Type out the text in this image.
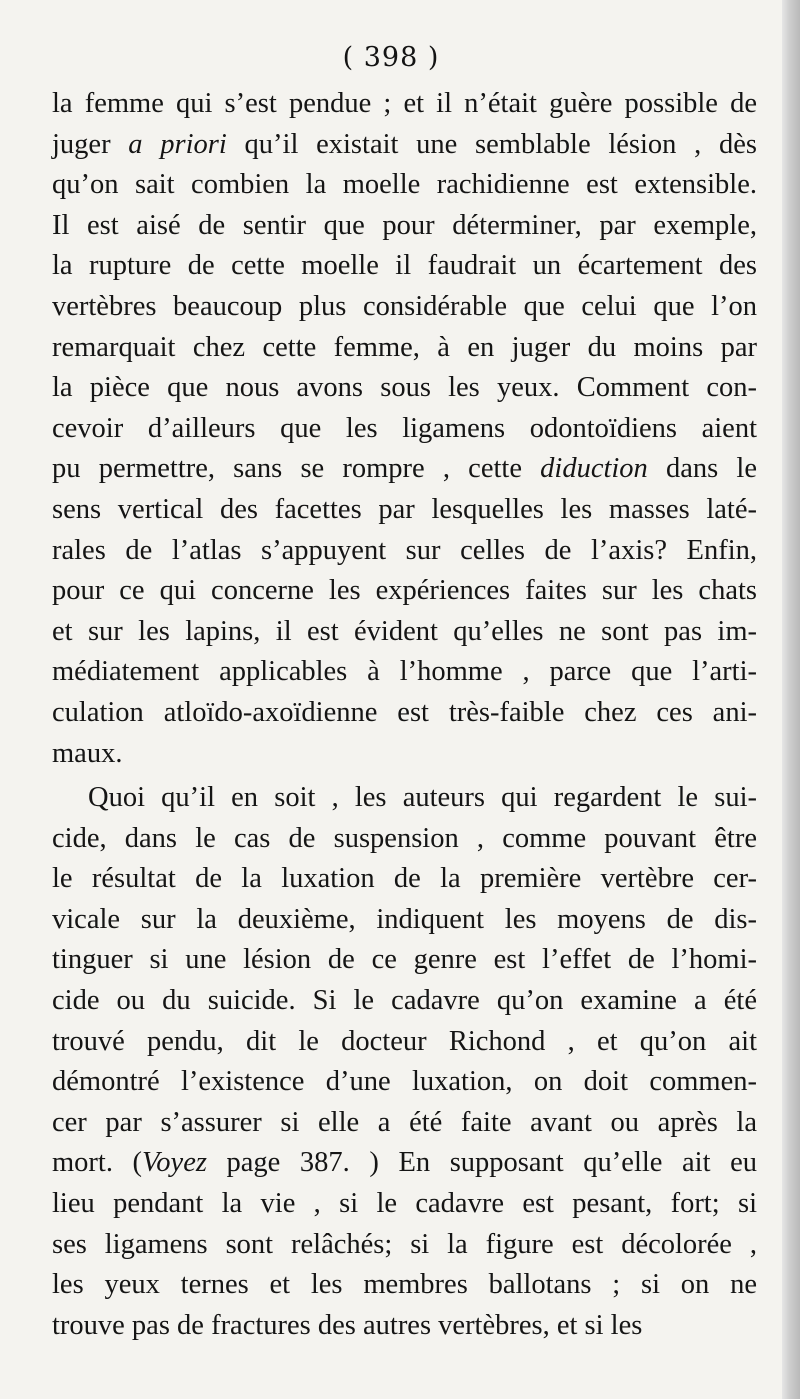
( 398 )
la femme qui s’est pendue ; et il n’était guère possible de
juger a priori qu’il existait une semblable lésion , dès
qu’on sait combien la moelle rachidienne est extensible.
Il est aisé de sentir que pour déterminer, par exemple,
la rupture de cette moelle il faudrait un écartement des
vertèbres beaucoup plus considérable que celui que l’on
remarquait chez cette femme, à en juger du moins par
la pièce que nous avons sous les yeux. Comment con-
cevoir d’ailleurs que les ligamens odontoïdiens aient
pu permettre, sans se rompre , cette diduction dans le
sens vertical des facettes par lesquelles les masses laté-
rales de l’atlas s’appuyent sur celles de l’axis? Enfin,
pour ce qui concerne les expériences faites sur les chats
et sur les lapins, il est évident qu’elles ne sont pas im-
médiatement applicables à l’homme , parce que l’arti-
culation atloïdo-axoïdienne est très-faible chez ces ani-
maux.
Quoi qu’il en soit , les auteurs qui regardent le sui-
cide, dans le cas de suspension , comme pouvant être
le résultat de la luxation de la première vertèbre cer-
vicale sur la deuxième, indiquent les moyens de dis-
tinguer si une lésion de ce genre est l’effet de l’homi-
cide ou du suicide. Si le cadavre qu’on examine a été
trouvé pendu, dit le docteur Richond , et qu’on ait
démontré l’existence d’une luxation, on doit commen-
cer par s’assurer si elle a été faite avant ou après la
mort. (Voyez page 387. ) En supposant qu’elle ait eu
lieu pendant la vie , si le cadavre est pesant, fort; si
ses ligamens sont relâchés; si la figure est décolorée ,
les yeux ternes et les membres ballotans ; si on ne
trouve pas de fractures des autres vertèbres, et si les
